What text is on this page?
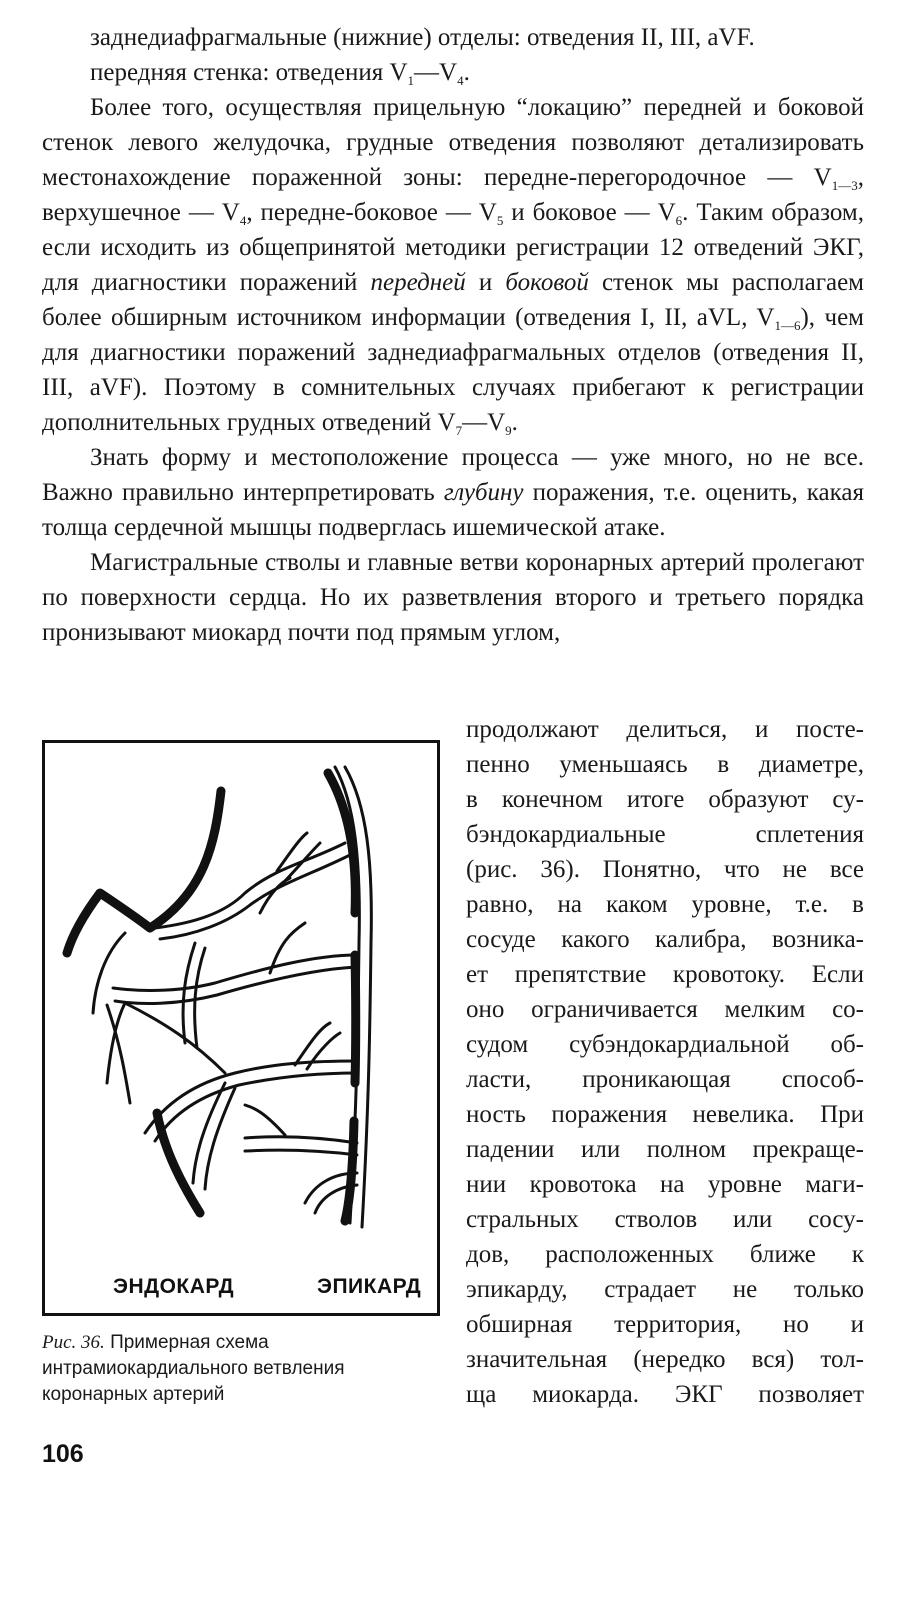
заднедиафрагмальные (нижние) отделы: отведения II, III, aVF.

передняя стенка: отведения $V_1—V_4$.

Более того, осуществляя прицельную “локацию” передней и боковой стенок левого желудочка, грудные отведения позволяют детализировать местонахождение пораженной зоны: передне-перегородочное — $V_{1—3}$, верхушечное — $V_4$, передне-боковое — $V_5$ и боковое — $V_6$. Таким образом, если исходить из общепринятой методики регистрации 12 отведений ЭКГ, для диагностики поражений передней и боковой стенок мы располагаем более обширным источником информации (отведения I, II, aVL, $V_{1—6}$), чем для диагностики поражений заднедиафрагмальных отделов (отведения II, III, aVF). Поэтому в сомнительных случаях прибегают к регистрации дополнительных грудных отведений $V_7—V_9$.

Знать форму и местоположение процесса — уже много, но не все. Важно правильно интерпретировать глубину поражения, т.е. оценить, какая толща сердечной мышцы подверглась ишемической атаке.

Магистральные стволы и главные ветви коронарных артерий пролегают по поверхности сердца. Но их разветвления второго и третьего порядка пронизывают миокард почти под прямым углом,

ЭНДОКАРД	ЭПИКАРД
продолжают делиться, и посте-
пенно уменьшаясь в диаметре,
в конечном итоге образуют су-
бэндокардиальные сплетения
(рис. 36). Понятно, что не все
равно, на каком уровне, т.е. в
сосуде какого калибра, возника-
ет препятствие кровотоку. Если
оно ограничивается мелким со-
судом субэндокардиальной об-
ласти, проникающая способ-
ность поражения невелика. При
падении или полном прекраще-
нии кровотока на уровне маги-
стральных стволов или сосу-
дов, расположенных ближе к
эпикарду, страдает не только
обширная территория, но и
значительная (нередко вся) тол-
ща миокарда. ЭКГ позволяет
Рис. 36. Примерная схема интрамиокардиального ветвления коронарных артерий
106
